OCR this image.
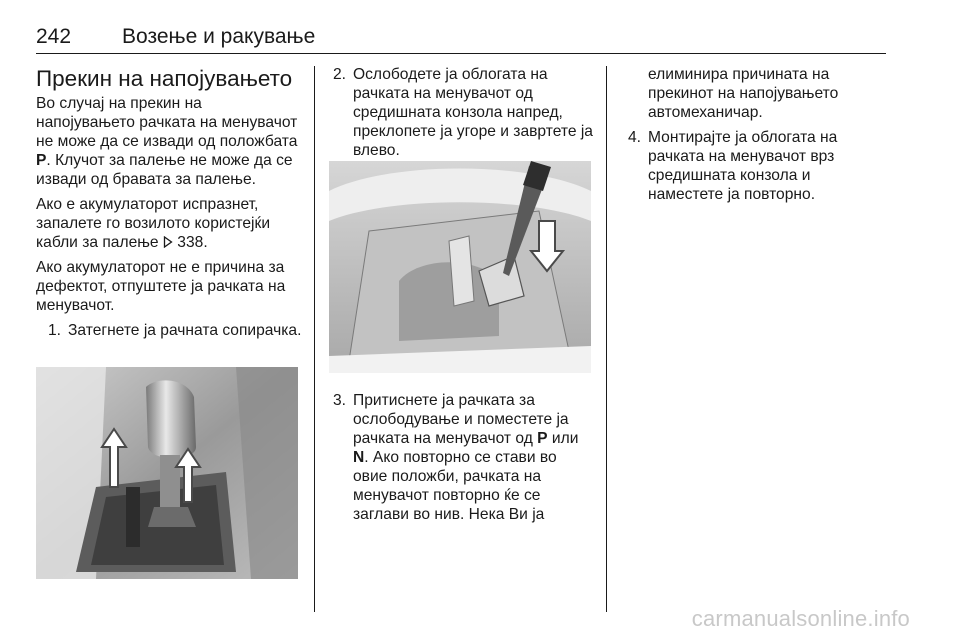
242 Возење и ракување
Прекин на напојувањето

Во случај на прекин на напојувањето рачката на менувачот не може да се извади од положбата P. Клучот за палење не може да се извади од бравата за палење.

Ако е акумулаторот испразнет, запалете го возилото користејќи кабли за палење  338.

Ако акумулаторот не е причина за дефектот, отпуштете ја рачката на менувачот.

1. Затегнете ја рачната сопирачка.
2. Ослободете ја облогата на рачката на менувачот од средишната конзола напред, преклопете ја угоре и завртете ја влево.
3. Притиснете ја рачката за ослободување и поместете ја рачката на менувачот од P или N. Ако повторно се стави во овие положби, рачката на менувачот повторно ќе се заглави во нив. Нека Ви ја
елиминира причината на прекинот на напојувањето автомеханичар.
4. Монтирајте ја облогата на рачката на менувачот врз средишната конзола и наместете ја повторно.
carmanualsonline.info
